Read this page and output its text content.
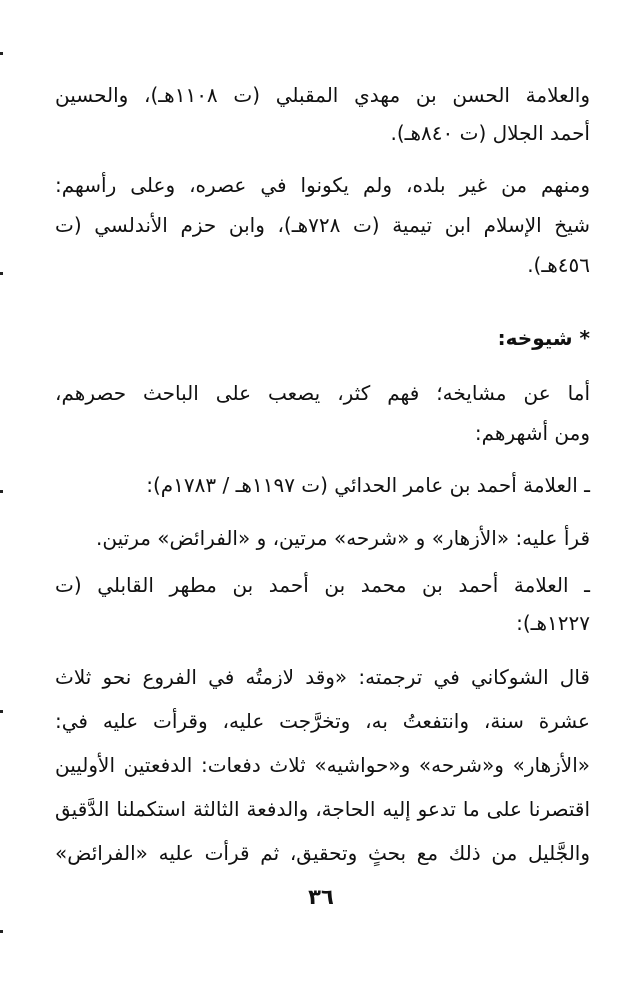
والعلامة الحسن بن مهدي المقبلي (ت ١١٠٨هـ)، والحسين
أحمد الجلال (ت ٨٤٠هـ).
ومنهم من غير بلده، ولم يكونوا في عصره، وعلى رأسهم:
شيخ الإسلام ابن تيمية (ت ٧٢٨هـ)، وابن حزم الأندلسي (ت
٤٥٦هـ).
* شيوخه:
أما عن مشايخه؛ فهم كثر، يصعب على الباحث حصرهم،
ومن أشهرهم:
ـ العلامة أحمد بن عامر الحدائي (ت ١١٩٧هـ / ١٧٨٣م):
قرأ عليه: «الأزهار» و «شرحه» مرتين، و «الفرائض» مرتين.
ـ العلامة أحمد بن محمد بن أحمد بن مطهر القابلي (ت
١٢٢٧هـ):
قال الشوكاني في ترجمته: «وقد لازمتُه في الفروع نحو ثلاث
عشرة سنة، وانتفعتُ به، وتخرَّجت عليه، وقرأت عليه في:
«الأزهار» و«شرحه» و«حواشيه» ثلاث دفعات: الدفعتين الأوليين
اقتصرنا على ما تدعو إليه الحاجة، والدفعة الثالثة استكملنا الدَّقيق
والجَّليل من ذلك مع بحثٍ وتحقيق، ثم قرأت عليه «الفرائض»
٣٦
